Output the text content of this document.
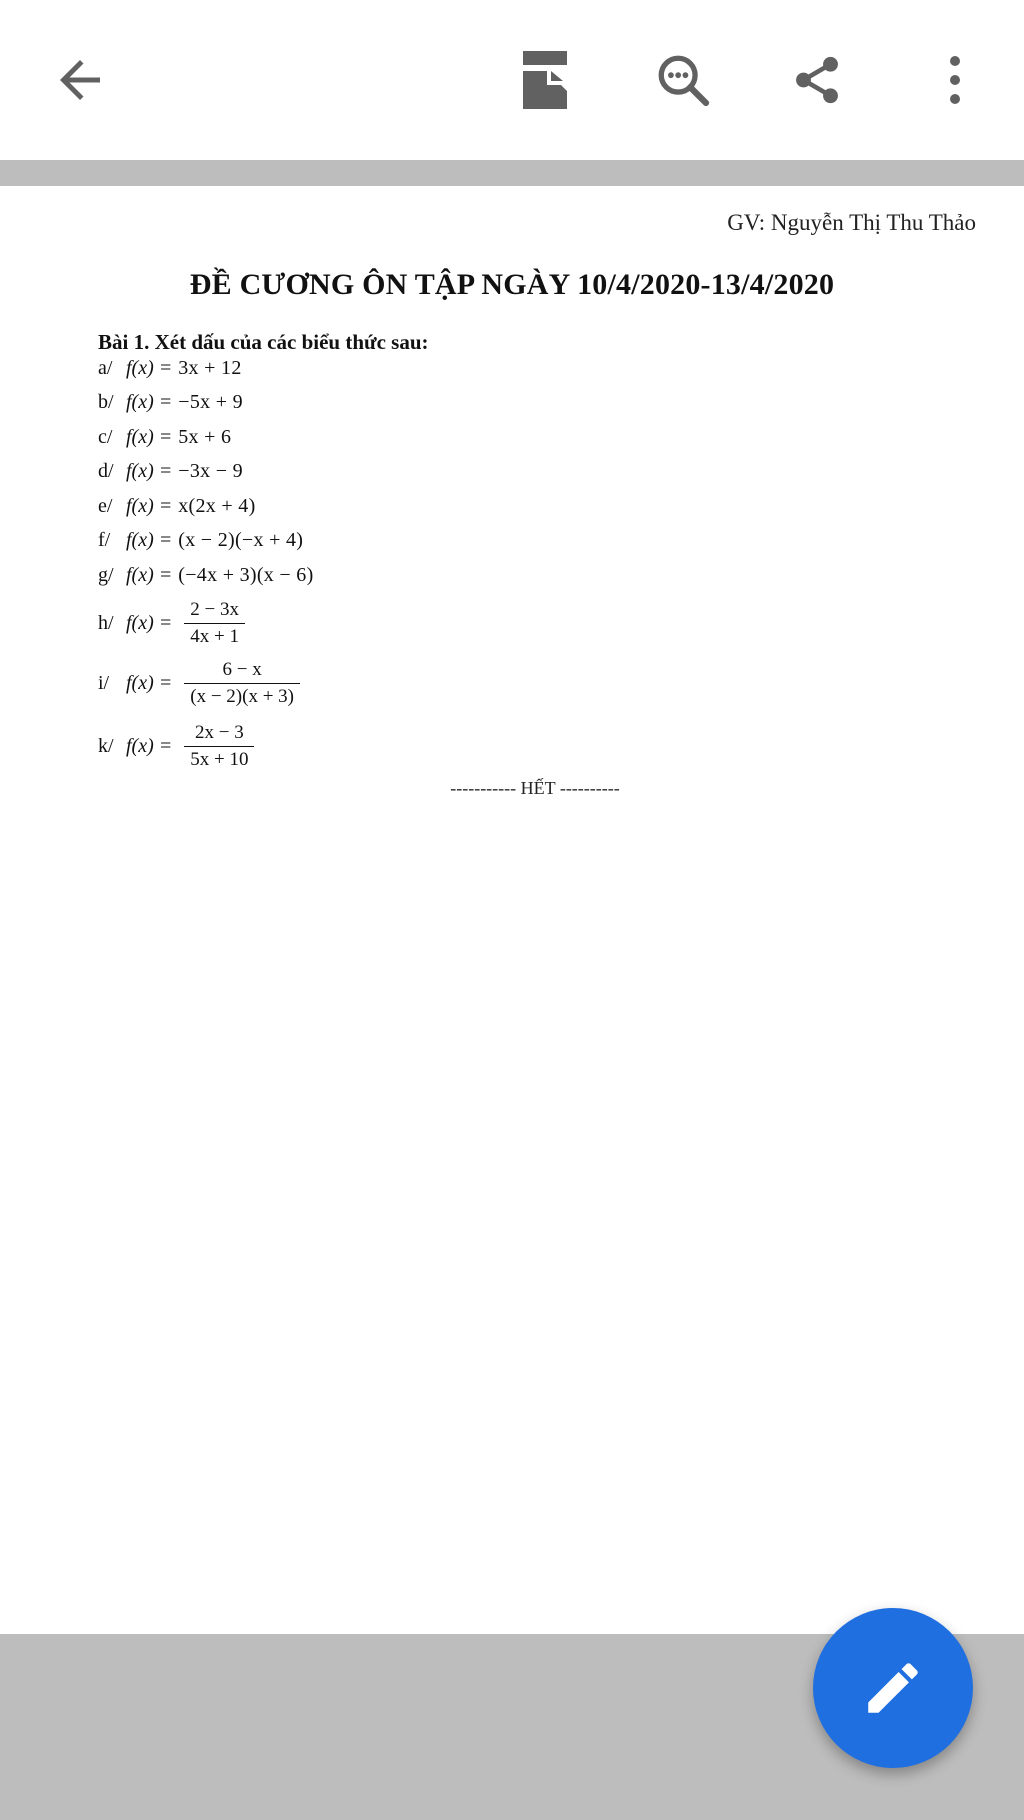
GV: Nguyễn Thị Thu Thảo
ĐỀ CƯƠNG ÔN TẬP NGÀY 10/4/2020-13/4/2020
Bài 1. Xét dấu của các biểu thức sau:
a/ f(x) = 3x + 12
b/ f(x) = −5x + 9
c/ f(x) = 5x + 6
d/ f(x) = −3x − 9
e/ f(x) = x(2x + 4)
f/ f(x) = (x − 2)(−x + 4)
g/ f(x) = (−4x + 3)(x − 6)
h/ $f(x) = \frac{2 - 3x}{4x + 1}$
i/ $f(x) = \frac{6 - x}{(x - 2)(x + 3)}$
k/ $f(x) = \frac{2x - 3}{5x + 10}$
----------- HẾT ----------
